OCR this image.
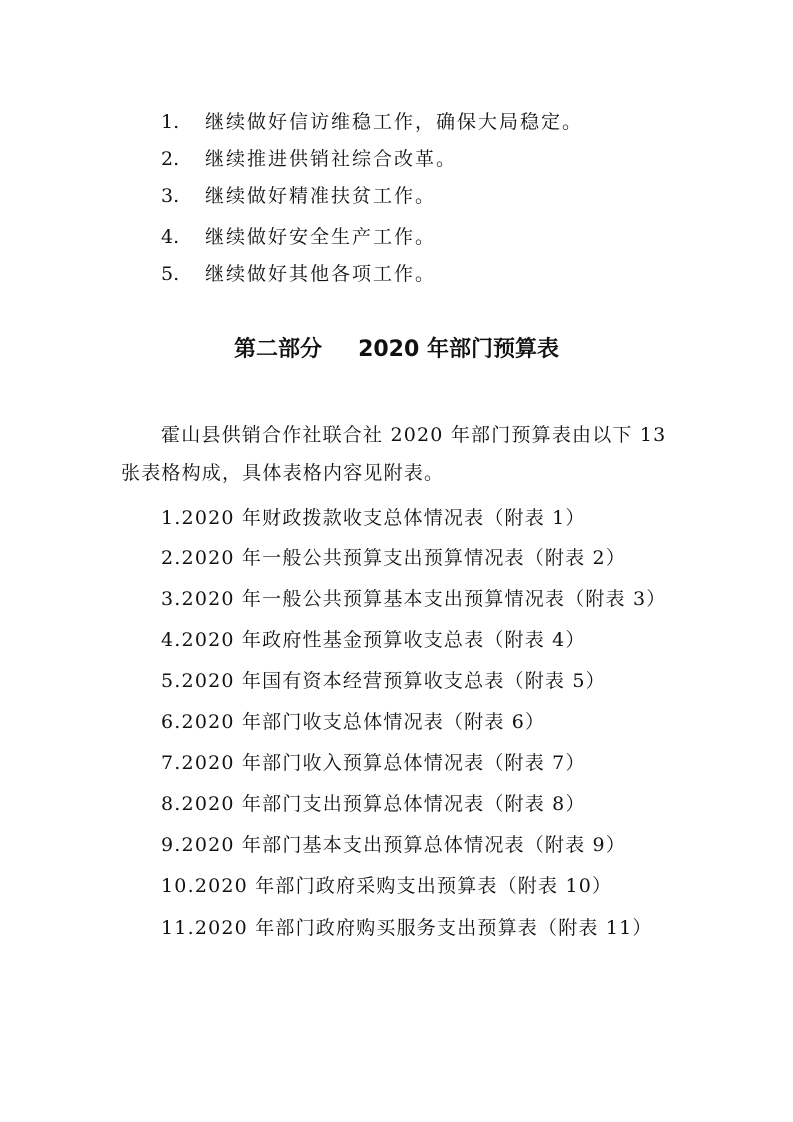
1. 继续做好信访维稳工作，确保大局稳定。
2. 继续推进供销社综合改革。
3. 继续做好精准扶贫工作。
4. 继续做好安全生产工作。
5. 继续做好其他各项工作。
第二部分 2020 年部门预算表
霍山县供销合作社联合社 2020 年部门预算表由以下 13
张表格构成，具体表格内容见附表。
1.2020 年财政拨款收支总体情况表（附表 1）
2.2020 年一般公共预算支出预算情况表（附表 2）
3.2020 年一般公共预算基本支出预算情况表（附表 3）
4.2020 年政府性基金预算收支总表（附表 4）
5.2020 年国有资本经营预算收支总表（附表 5）
6.2020 年部门收支总体情况表（附表 6）
7.2020 年部门收入预算总体情况表（附表 7）
8.2020 年部门支出预算总体情况表（附表 8）
9.2020 年部门基本支出预算总体情况表（附表 9）
10.2020 年部门政府采购支出预算表（附表 10）
11.2020 年部门政府购买服务支出预算表（附表 11）
